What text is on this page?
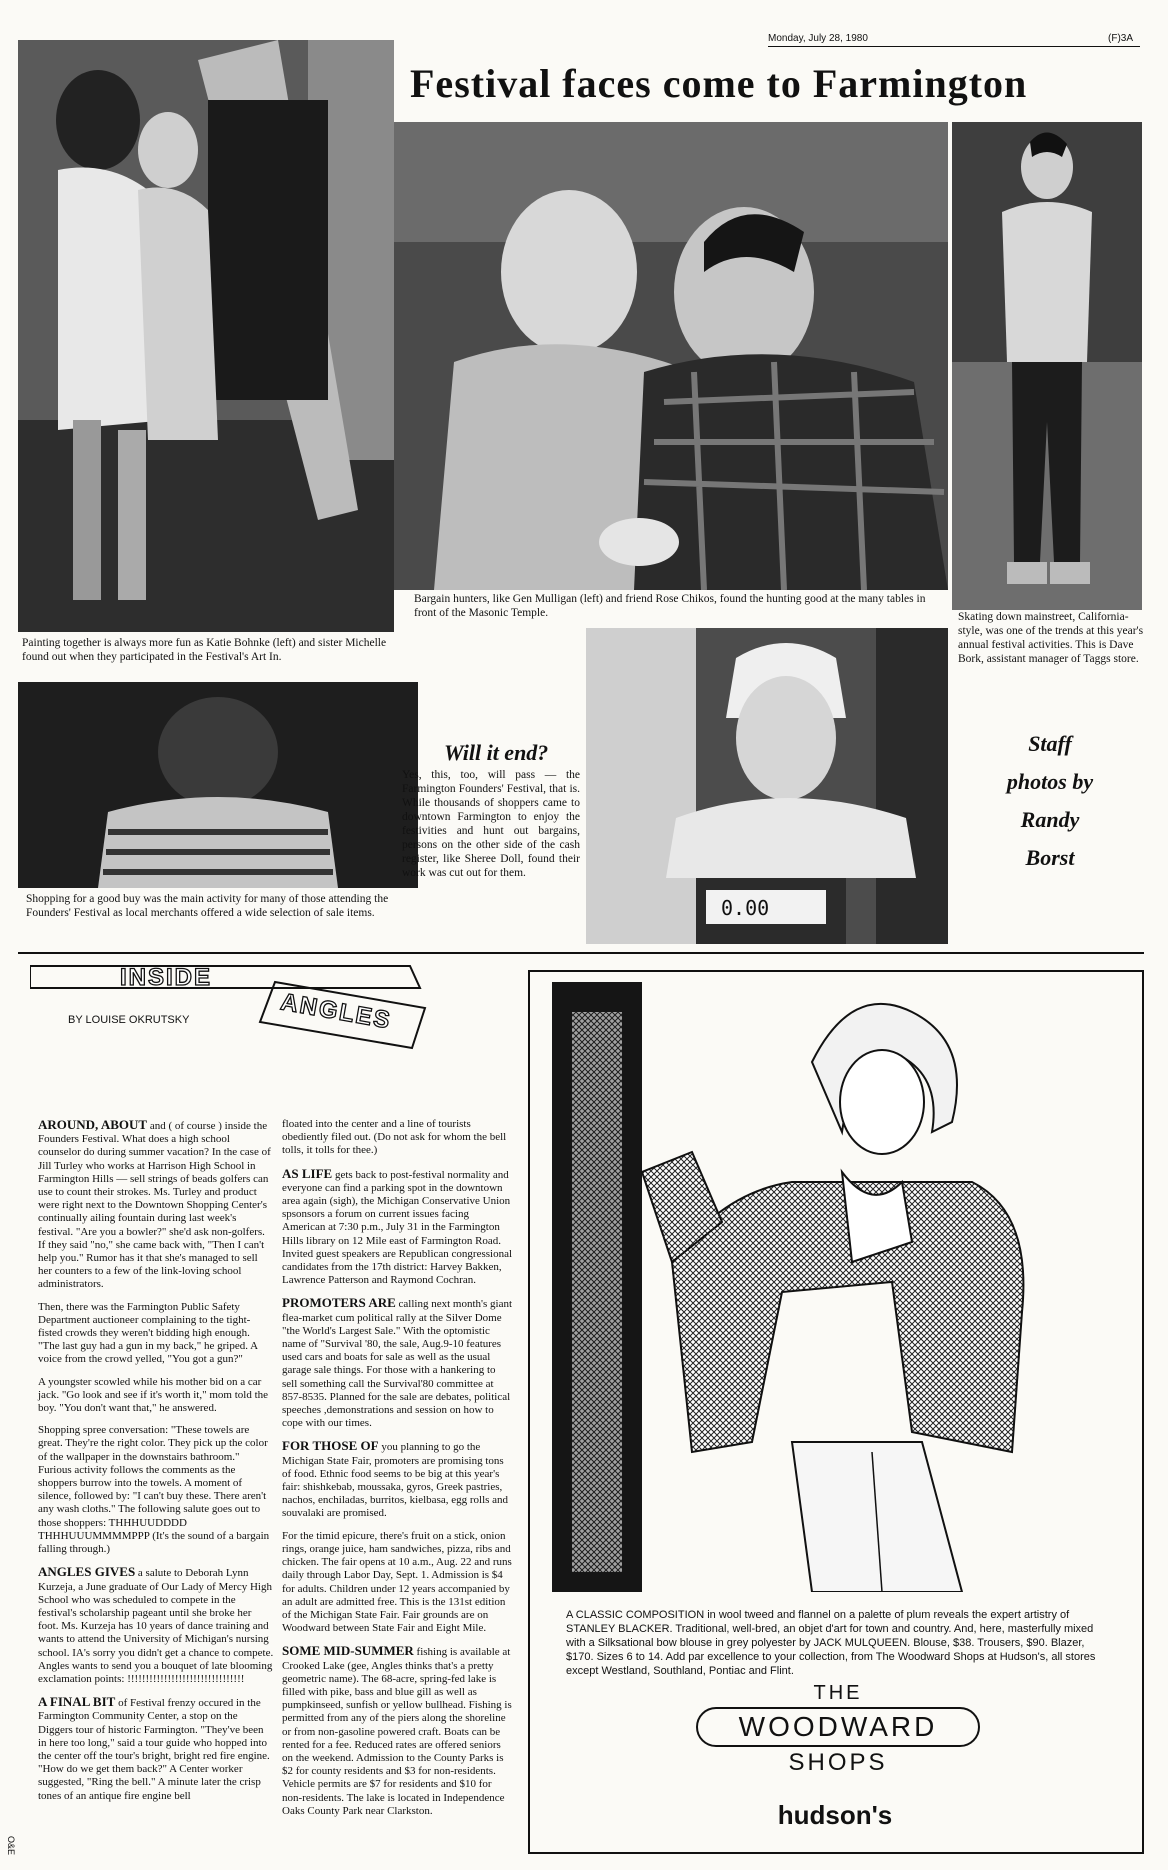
Monday, July 28, 1980	(F)3A
Festival faces come to Farmington
Painting together is always more fun as Katie Bohnke (left) and sister Michelle found out when they participated in the Festival's Art In.
Bargain hunters, like Gen Mulligan (left) and friend Rose Chikos, found the hunting good at the many tables in front of the Masonic Temple.	Skating down mainstreet, California-style, was one of the trends at this year's annual festival activities. This is Dave Bork, assistant manager of Taggs store.
Shopping for a good buy was the main activity for many of those attending the Founders' Festival as local merchants offered a wide selection of sale items.
Will it end?
Yes, this, too, will pass — the Farmington Founders' Festival, that is. While thousands of shoppers came to downtown Farmington to enjoy the festivities and hunt out bargains, persons on the other side of the cash register, like Sheree Doll, found their work was cut out for them.
0.00
Staff
photos by
Randy
Borst
INSIDE
ANGLES
BY LOUISE OKRUTSKY

AROUND, ABOUT and ( of course ) inside the Founders Festival. What does a high school counselor do during summer vacation? In the case of Jill Turley who works at Harrison High School in Farmington Hills — sell strings of beads golfers can use to count their strokes. Ms. Turley and product were right next to the Downtown Shopping Center's continually ailing fountain during last week's festival. "Are you a bowler?" she'd ask non-golfers. If they said "no," she came back with, "Then I can't help you." Rumor has it that she's managed to sell her counters to a few of the link-loving school administrators.

Then, there was the Farmington Public Safety Department auctioneer complaining to the tight-fisted crowds they weren't bidding high enough. "The last guy had a gun in my back," he griped. A voice from the crowd yelled, "You got a gun?"

A youngster scowled while his mother bid on a car jack. "Go look and see if it's worth it," mom told the boy. "You don't want that," he answered.

Shopping spree conversation: "These towels are great. They're the right color. They pick up the color of the wallpaper in the downstairs bathroom." Furious activity follows the comments as the shoppers burrow into the towels. A moment of silence, followed by: "I can't buy these. There aren't any wash cloths." The following salute goes out to those shoppers: THHHUUDDDD THHHUUUMMMMPPP (It's the sound of a bargain falling through.)

ANGLES GIVES a salute to Deborah Lynn Kurzeja, a June graduate of Our Lady of Mercy High School who was scheduled to compete in the festival's scholarship pageant until she broke her foot. Ms. Kurzeja has 10 years of dance training and wants to attend the University of Michigan's nursing school. IA's sorry you didn't get a chance to compete. Angles wants to send you a bouquet of late blooming exclamation points: !!!!!!!!!!!!!!!!!!!!!!!!!!!!!!!!

A FINAL BIT of Festival frenzy occured in the Farmington Community Center, a stop on the Diggers tour of historic Farmington. "They've been in here too long," said a tour guide who hopped into the center off the tour's bright, bright red fire engine. "How do we get them back?" A Center worker suggested, "Ring the bell." A minute later the crisp tones of an antique fire engine bell

floated into the center and a line of tourists obediently filed out. (Do not ask for whom the bell tolls, it tolls for thee.)

AS LIFE gets back to post-festival normality and everyone can find a parking spot in the downtown area again (sigh), the Michigan Conservative Union spsonsors a forum on current issues facing American at 7:30 p.m., July 31 in the Farmington Hills library on 12 Mile east of Farmington Road. Invited guest speakers are Republican congressional candidates from the 17th district: Harvey Bakken, Lawrence Patterson and Raymond Cochran.

PROMOTERS ARE calling next month's giant flea-market cum political rally at the Silver Dome "the World's Largest Sale." With the optomistic name of "Survival '80, the sale, Aug.9-10 features used cars and boats for sale as well as the usual garage sale things. For those with a hankering to sell something call the Survival'80 committee at 857-8535. Planned for the sale are debates, political speeches ,demonstrations and session on how to cope with our times.

FOR THOSE OF you planning to go the Michigan State Fair, promoters are promising tons of food. Ethnic food seems to be big at this year's fair: shishkebab, moussaka, gyros, Greek pastries, nachos, enchiladas, burritos, kielbasa, egg rolls and souvalaki are promised.

For the timid epicure, there's fruit on a stick, onion rings, orange juice, ham sandwiches, pizza, ribs and chicken. The fair opens at 10 a.m., Aug. 22 and runs daily through Labor Day, Sept. 1. Admission is $4 for adults. Children under 12 years accompanied by an adult are admitted free. This is the 131st edition of the Michigan State Fair. Fair grounds are on Woodward between State Fair and Eight Mile.

SOME MID-SUMMER fishing is available at Crooked Lake (gee, Angles thinks that's a pretty geometric name). The 68-acre, spring-fed lake is filled with pike, bass and blue gill as well as pumpkinseed, sunfish or yellow bullhead. Fishing is permitted from any of the piers along the shoreline or from non-gasoline powered craft. Boats can be rented for a fee. Reduced rates are offered seniors on the weekend. Admission to the County Parks is $2 for county residents and $3 for non-residents. Vehicle permits are $7 for residents and $10 for non-residents. The lake is located in Independence Oaks County Park near Clarkston.

A CLASSIC COMPOSITION in wool tweed and flannel on a palette of plum reveals the expert artistry of STANLEY BLACKER. Traditional, well-bred, an objet d'art for town and country. And, here, masterfully mixed with a Silksational bow blouse in grey polyester by JACK MULQUEEN. Blouse, $38. Trousers, $90. Blazer, $170. Sizes 6 to 14. Add par excellence to your collection, from The Woodward Shops at Hudson's, all stores except Westland, Southland, Pontiac and Flint.
THE
WOODWARD
SHOPS
hudson's
O&E
